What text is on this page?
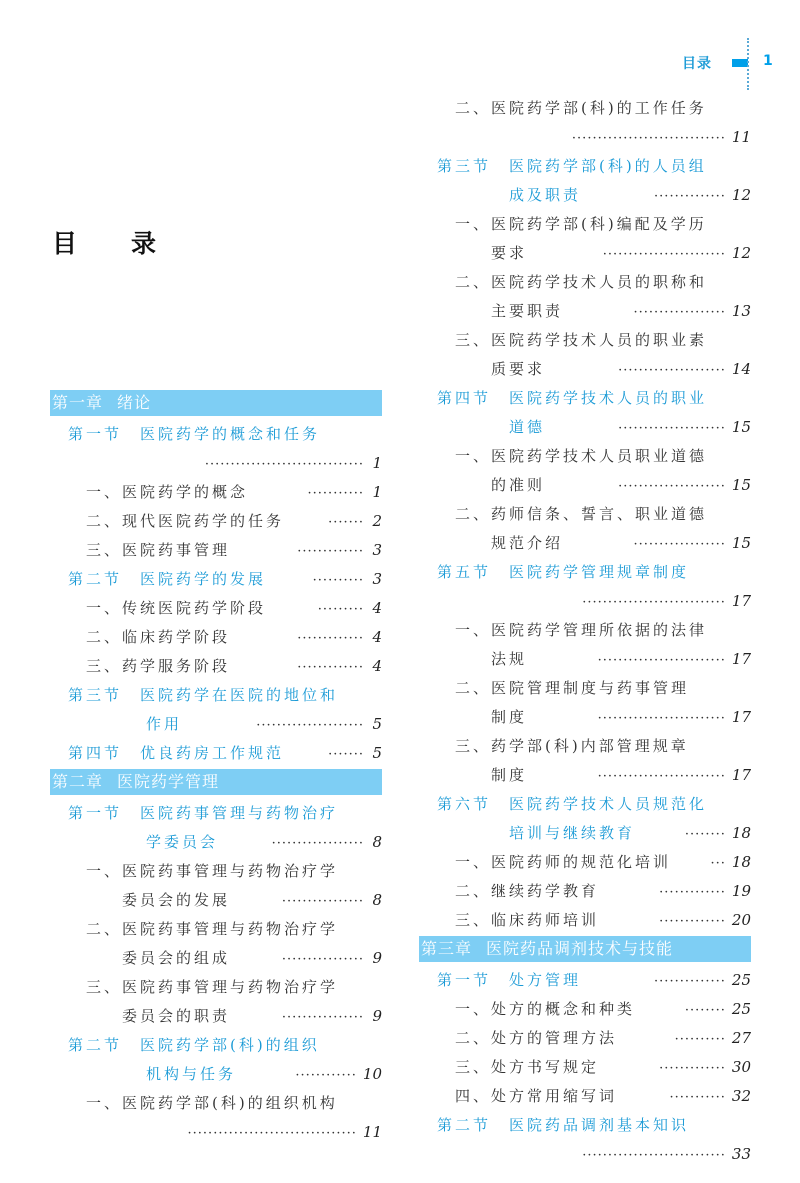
目录	1
目 录
第一章 绪论
第一节 医院药学的概念和任务
······························· 1
一、医院药学的概念	··········· 1
二、现代医院药学的任务	······· 2
三、医院药事管理	············· 3
第二节 医院药学的发展	·········· 3
一、传统医院药学阶段	········· 4
二、临床药学阶段	············· 4
三、药学服务阶段	············· 4
第三节 医院药学在医院的地位和
作用	····················· 5
第四节 优良药房工作规范	······· 5
第二章 医院药学管理
第一节 医院药事管理与药物治疗
学委员会	·················· 8
一、医院药事管理与药物治疗学
委员会的发展	················ 8
二、医院药事管理与药物治疗学
委员会的组成	················ 9
三、医院药事管理与药物治疗学
委员会的职责	················ 9
第二节 医院药学部(科)的组织
机构与任务	············ 10
一、医院药学部(科)的组织机构
································· 11
二、医院药学部(科)的工作任务
······························ 11
第三节 医院药学部(科)的人员组
成及职责	·············· 12
一、医院药学部(科)编配及学历
要求	························ 12
二、医院药学技术人员的职称和
主要职责	·················· 13
三、医院药学技术人员的职业素
质要求	····················· 14
第四节 医院药学技术人员的职业
道德	····················· 15
一、医院药学技术人员职业道德
的准则	····················· 15
二、药师信条、誓言、职业道德
规范介绍	·················· 15
第五节 医院药学管理规章制度
···························· 17
一、医院药学管理所依据的法律
法规	························· 17
二、医院管理制度与药事管理
制度	························· 17
三、药学部(科)内部管理规章
制度	························· 17
第六节 医院药学技术人员规范化
培训与继续教育	········ 18
一、医院药师的规范化培训	··· 18
二、继续药学教育	············· 19
三、临床药师培训	············· 20
第三章 医院药品调剂技术与技能
第一节 处方管理	·············· 25
一、处方的概念和种类	········ 25
二、处方的管理方法	·········· 27
三、处方书写规定	············· 30
四、处方常用缩写词	··········· 32
第二节 医院药品调剂基本知识
···························· 33
